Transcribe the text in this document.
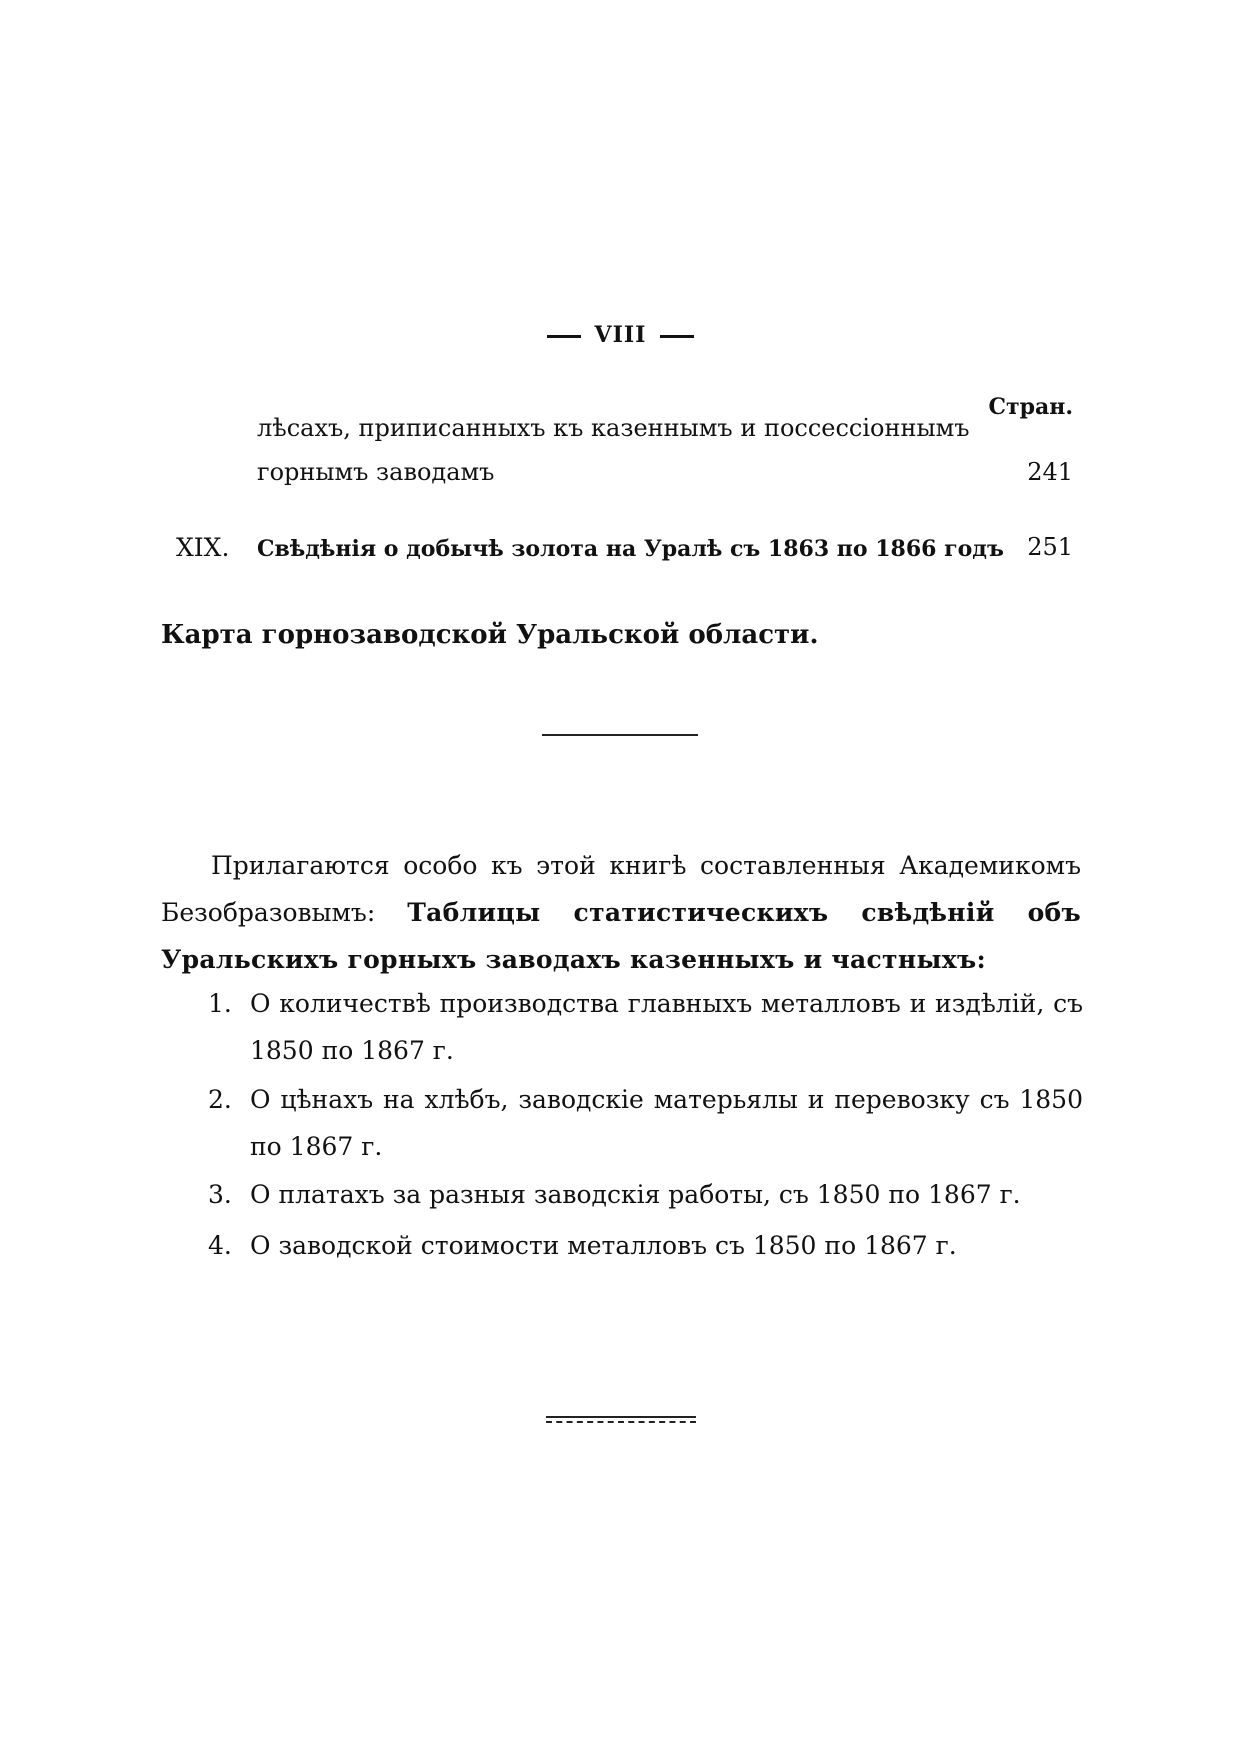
VIII
Стран.
лѣсахъ, приписанныхъ къ казеннымъ и поссессіоннымъ
горнымъ заводамъ	241
XIX. Свѣдѣнія о добычѣ золота на Уралѣ съ 1863 по 1866 годъ 251
Карта горнозаводской Уральской области.
Прилагаются особо къ этой книгѣ составленныя Академикомъ Безобразовымъ: Таблицы статистическихъ свѣдѣній объ Уральскихъ горныхъ заводахъ казенныхъ и частныхъ:
1. О количествѣ производства главныхъ металловъ и издѣлій, съ 1850 по 1867 г.
2. О цѣнахъ на хлѣбъ, заводскіе матерьялы и перевозку съ 1850 по 1867 г.
3. О платахъ за разныя заводскія работы, съ 1850 по 1867 г.
4. О заводской стоимости металловъ съ 1850 по 1867 г.
